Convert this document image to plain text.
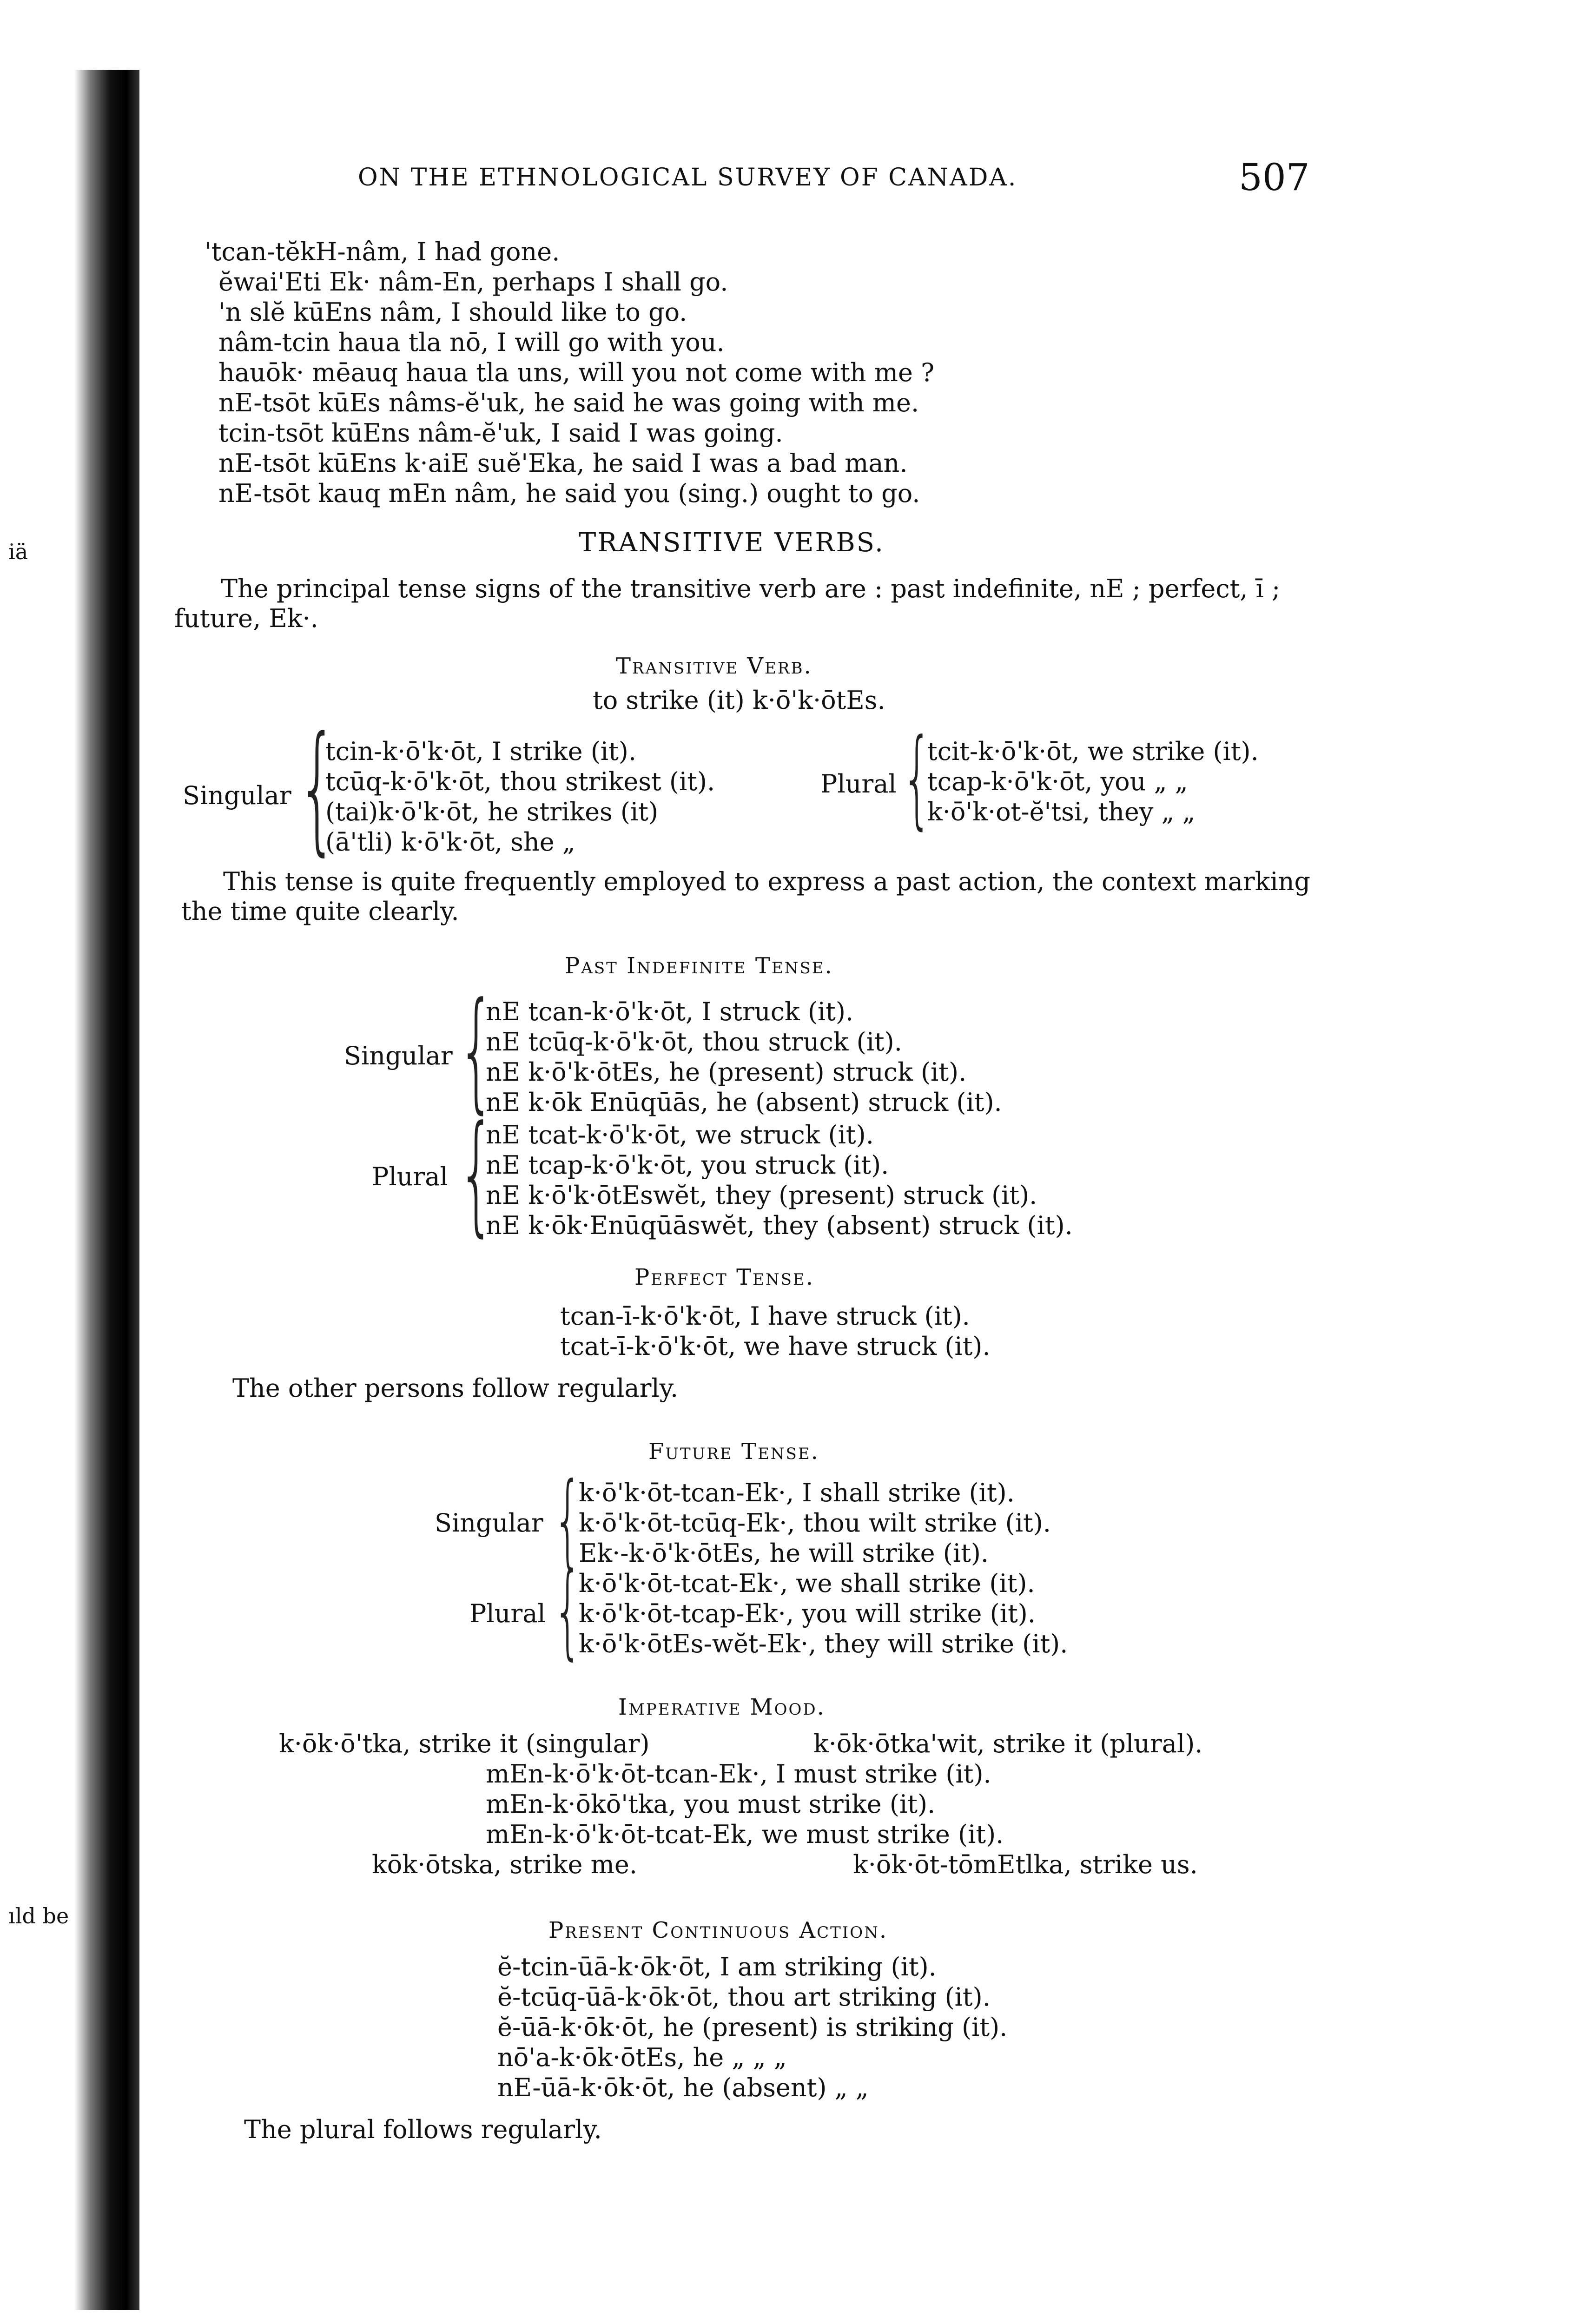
iä
ıld be
ON THE ETHNOLOGICAL SURVEY OF CANADA.	507
'tcan-tĕkH-nâm, I had gone.
ĕwai'Eti Ek· nâm-En, perhaps I shall go.
'n slĕ kūEns nâm, I should like to go.
nâm-tcin haua tla nō, I will go with you.
hauōk· mēauq haua tla uns, will you not come with me ?
nE-tsōt kūEs nâms-ĕ'uk, he said he was going with me.
tcin-tsōt kūEns nâm-ĕ'uk, I said I was going.
nE-tsōt kūEns k·aiE suĕ'Eka, he said I was a bad man.
nE-tsōt kauq mEn nâm, he said you (sing.) ought to go.
TRANSITIVE VERBS.
The principal tense signs of the transitive verb are : past indefinite, nE ; perfect, ī ; future, Ek·.
Transitive Verb.
to strike (it) k·ō'k·ōtEs.
Singular {
tcin-k·ō'k·ōt, I strike (it).
tcūq-k·ō'k·ōt, thou strikest (it).
(tai)k·ō'k·ōt, he strikes (it)
(ā'tli) k·ō'k·ōt, she „
Plural {
tcit-k·ō'k·ōt, we strike (it).
tcap-k·ō'k·ōt, you „ „
k·ō'k·ot-ĕ'tsi, they „ „
This tense is quite frequently employed to express a past action, the context marking the time quite clearly.
Past Indefinite Tense.
Singular {
nE tcan-k·ō'k·ōt, I struck (it).
nE tcūq-k·ō'k·ōt, thou struck (it).
nE k·ō'k·ōtEs, he (present) struck (it).
nE k·ōk Enūqūās, he (absent) struck (it).
Plural {
nE tcat-k·ō'k·ōt, we struck (it).
nE tcap-k·ō'k·ōt, you struck (it).
nE k·ō'k·ōtEswĕt, they (present) struck (it).
nE k·ōk·Enūqūāswĕt, they (absent) struck (it).
Perfect Tense.
tcan-ī-k·ō'k·ōt, I have struck (it).
tcat-ī-k·ō'k·ōt, we have struck (it).
The other persons follow regularly.
Future Tense.
Singular {
k·ō'k·ōt-tcan-Ek·, I shall strike (it).
k·ō'k·ōt-tcūq-Ek·, thou wilt strike (it).
Ek·-k·ō'k·ōtEs, he will strike (it).
Plural {
k·ō'k·ōt-tcat-Ek·, we shall strike (it).
k·ō'k·ōt-tcap-Ek·, you will strike (it).
k·ō'k·ōtEs-wĕt-Ek·, they will strike (it).
Imperative Mood.
k·ōk·ō'tka, strike it (singular)	k·ōk·ōtka'wit, strike it (plural).
mEn-k·ō'k·ōt-tcan-Ek·, I must strike (it).
mEn-k·ōkō'tka, you must strike (it).
mEn-k·ō'k·ōt-tcat-Ek, we must strike (it).
kōk·ōtska, strike me.	k·ōk·ōt-tōmEtlka, strike us.
Present Continuous Action.
ĕ-tcin-ūā-k·ōk·ōt, I am striking (it).
ĕ-tcūq-ūā-k·ōk·ōt, thou art striking (it).
ĕ-ūā-k·ōk·ōt, he (present) is striking (it).
nō'a-k·ōk·ōtEs, he „ „ „
nE-ūā-k·ōk·ōt, he (absent) „ „
The plural follows regularly.
